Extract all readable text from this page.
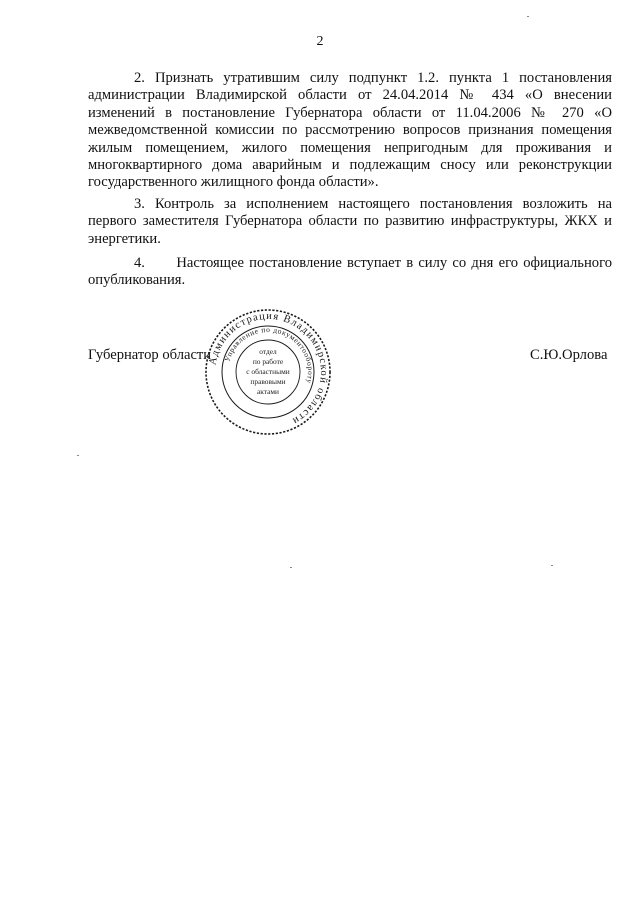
2

2. Признать утратившим силу подпункт 1.2. пункта 1 постановления администрации Владимирской области от 24.04.2014 № 434 «О внесении изменений в постановление Губернатора области от 11.04.2006 № 270 «О межведомственной комиссии по рассмотрению вопросов признания помещения жилым помещением, жилого помещения непригодным для проживания и многоквартирного дома аварийным и подлежащим сносу или реконструкции государственного жилищного фонда области».

3. Контроль за исполнением настоящего постановления возложить на первого заместителя Губернатора области по развитию инфраструктуры, ЖКХ и энергетики.

4.      Настоящее постановление вступает в силу со дня его официального опубликования.

Губернатор области	С.Ю.Орлова
Администрация Владимирской области
Управление по документообороту
отдел
по работе
с областными
правовыми
актами
